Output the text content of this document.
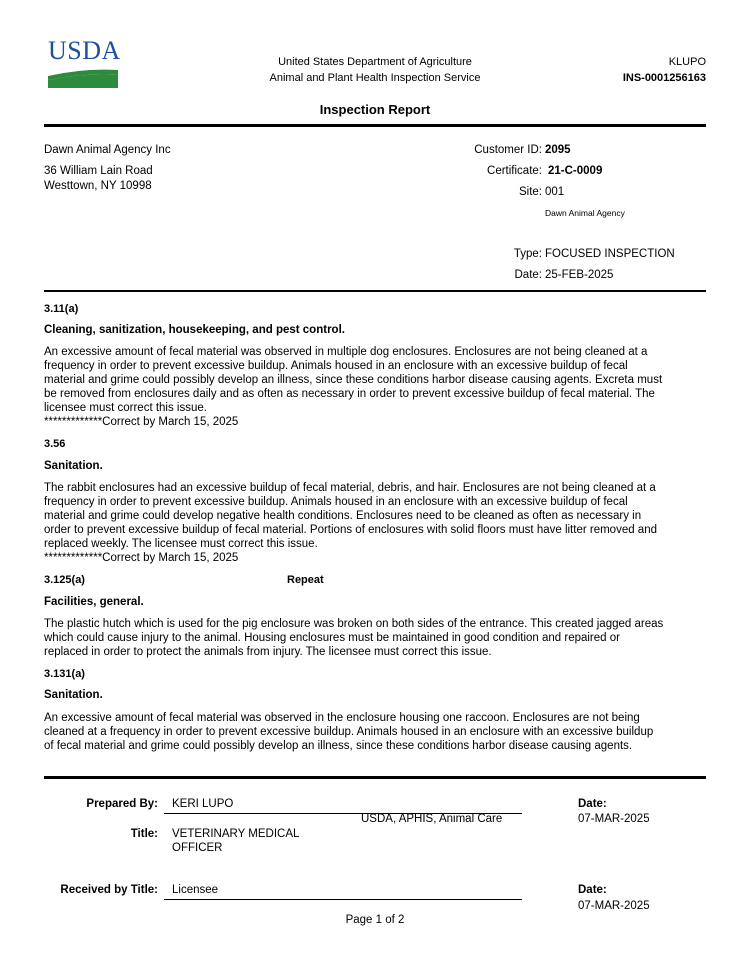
USDA	United States Department of Agriculture
Animal and Plant Health Inspection Service
KLUPO
INS-0001256163
Inspection Report
Dawn Animal Agency Inc
36 William Lain Road
Westtown, NY 10998
Customer ID: 2095
Certificate: 21-C-0009
Site: 001
Dawn Animal Agency
Type: FOCUSED INSPECTION
Date: 25-FEB-2025
3.11(a)
Cleaning, sanitization, housekeeping, and pest control.
An excessive amount of fecal material was observed in multiple dog enclosures. Enclosures are not being cleaned at a
frequency in order to prevent excessive buildup. Animals housed in an enclosure with an excessive buildup of fecal
material and grime could possibly develop an illness, since these conditions harbor disease causing agents. Excreta must
be removed from enclosures daily and as often as necessary in order to prevent excessive buildup of fecal material. The
licensee must correct this issue.
*************Correct by March 15, 2025
3.56
Sanitation.
The rabbit enclosures had an excessive buildup of fecal material, debris, and hair. Enclosures are not being cleaned at a
frequency in order to prevent excessive buildup. Animals housed in an enclosure with an excessive buildup of fecal
material and grime could develop negative health conditions. Enclosures need to be cleaned as often as necessary in
order to prevent excessive buildup of fecal material. Portions of enclosures with solid floors must have litter removed and
replaced weekly. The licensee must correct this issue.
*************Correct by March 15, 2025
3.125(a)	Repeat
Facilities, general.
The plastic hutch which is used for the pig enclosure was broken on both sides of the entrance. This created jagged areas
which could cause injury to the animal. Housing enclosures must be maintained in good condition and repaired or
replaced in order to protect the animals from injury. The licensee must correct this issue.
3.131(a)
Sanitation.
An excessive amount of fecal material was observed in the enclosure housing one raccoon. Enclosures are not being
cleaned at a frequency in order to prevent excessive buildup. Animals housed in an enclosure with an excessive buildup
of fecal material and grime could possibly develop an illness, since these conditions harbor disease causing agents.
Prepared By: KERI LUPO
USDA, APHIS, Animal Care
Date:
07-MAR-2025
Title: VETERINARY MEDICAL
OFFICER
Received by Title: Licensee	Date:
07-MAR-2025
Page 1 of 2
